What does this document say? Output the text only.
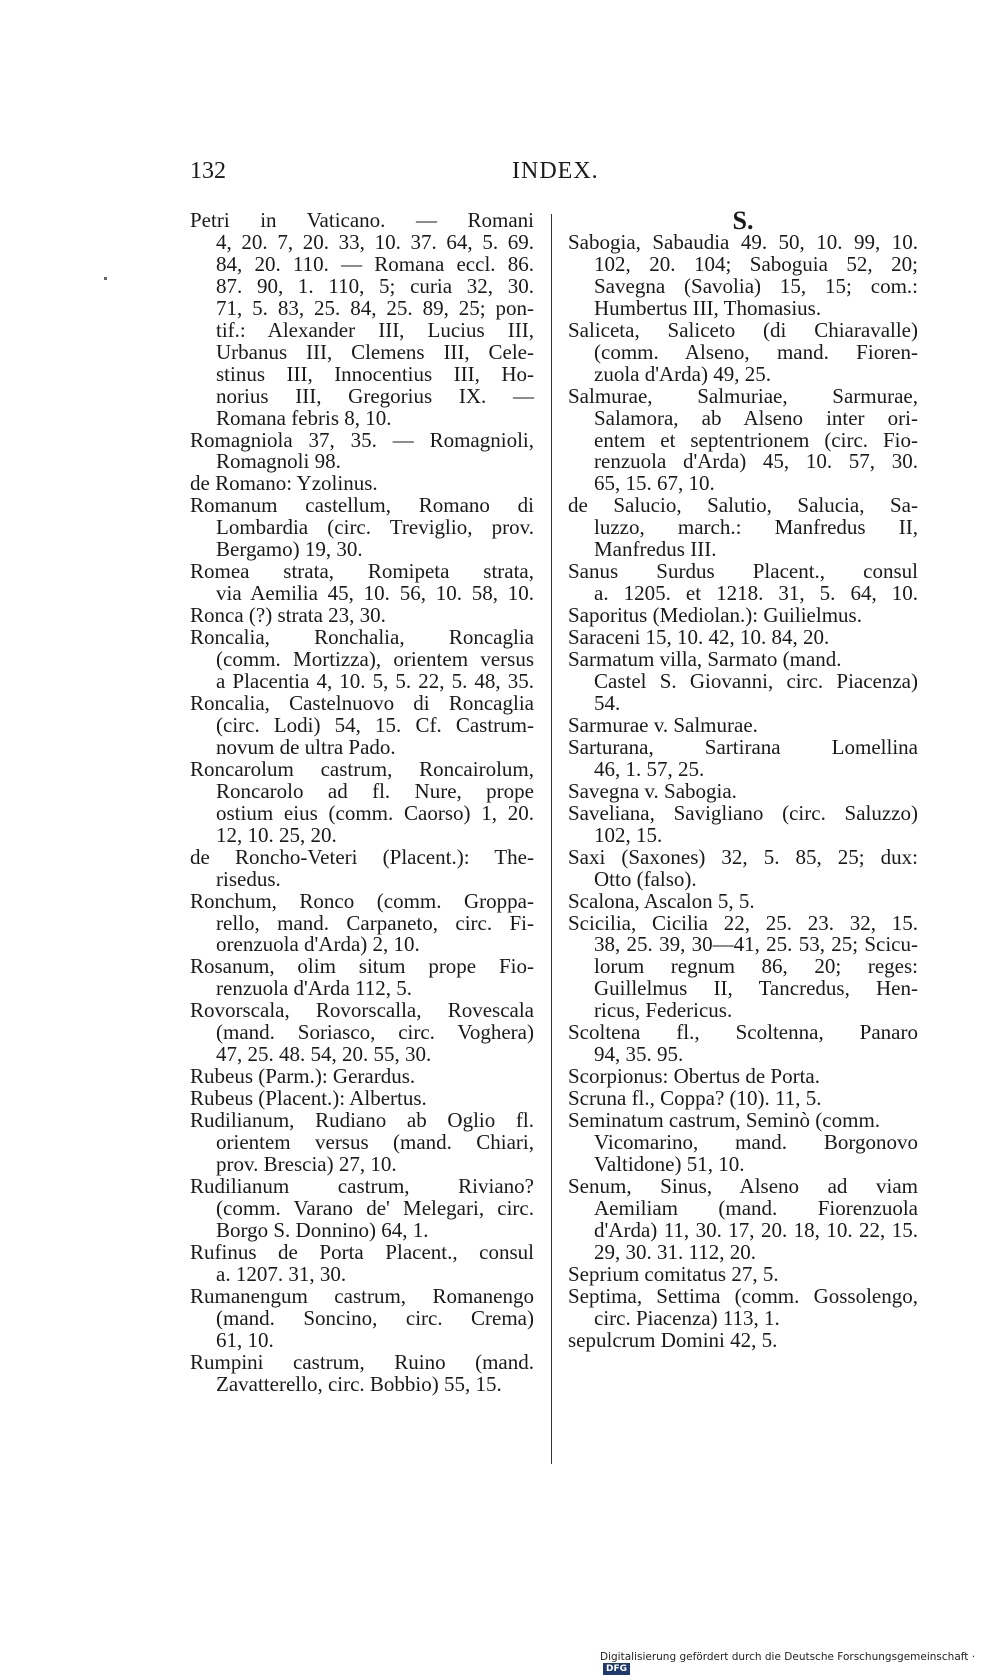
132	INDEX.
Petri in Vaticano. — Romani
4, 20. 7, 20. 33, 10. 37. 64, 5. 69.
84, 20. 110. — Romana eccl. 86.
87. 90, 1. 110, 5; curia 32, 30.
71, 5. 83, 25. 84, 25. 89, 25; pon-
tif.: Alexander III, Lucius III,
Urbanus III, Clemens III, Cele-
stinus III, Innocentius III, Ho-
norius III, Gregorius IX. —
Romana febris 8, 10.
Romagniola 37, 35. — Romagnioli,
Romagnoli 98.
de Romano: Yzolinus.
Romanum castellum, Romano di
Lombardia (circ. Treviglio, prov.
Bergamo) 19, 30.
Romea strata, Romipeta strata,
via Aemilia 45, 10. 56, 10. 58, 10.
Ronca (?) strata 23, 30.
Roncalia, Ronchalia, Roncaglia
(comm. Mortizza), orientem versus
a Placentia 4, 10. 5, 5. 22, 5. 48, 35.
Roncalia, Castelnuovo di Roncaglia
(circ. Lodi) 54, 15. Cf. Castrum-
novum de ultra Pado.
Roncarolum castrum, Roncairolum,
Roncarolo ad fl. Nure, prope
ostium eius (comm. Caorso) 1, 20.
12, 10. 25, 20.
de Roncho-Veteri (Placent.): The-
risedus.
Ronchum, Ronco (comm. Groppa-
rello, mand. Carpaneto, circ. Fi-
orenzuola d'Arda) 2, 10.
Rosanum, olim situm prope Fio-
renzuola d'Arda 112, 5.
Rovorscala, Rovorscalla, Rovescala
(mand. Soriasco, circ. Voghera)
47, 25. 48. 54, 20. 55, 30.
Rubeus (Parm.): Gerardus.
Rubeus (Placent.): Albertus.
Rudilianum, Rudiano ab Oglio fl.
orientem versus (mand. Chiari,
prov. Brescia) 27, 10.
Rudilianum castrum, Riviano?
(comm. Varano de' Melegari, circ.
Borgo S. Donnino) 64, 1.
Rufinus de Porta Placent., consul
a. 1207. 31, 30.
Rumanengum castrum, Romanengo
(mand. Soncino, circ. Crema)
61, 10.
Rumpini castrum, Ruino (mand.
Zavatterello, circ. Bobbio) 55, 15.
S.
Sabogia, Sabaudia 49. 50, 10. 99, 10.
102, 20. 104; Saboguia 52, 20;
Savegna (Savolia) 15, 15; com.:
Humbertus III, Thomasius.
Saliceta, Saliceto (di Chiaravalle)
(comm. Alseno, mand. Fioren-
zuola d'Arda) 49, 25.
Salmurae, Salmuriae, Sarmurae,
Salamora, ab Alseno inter ori-
entem et septentrionem (circ. Fio-
renzuola d'Arda) 45, 10. 57, 30.
65, 15. 67, 10.
de Salucio, Salutio, Salucia, Sa-
luzzo, march.: Manfredus II,
Manfredus III.
Sanus Surdus Placent., consul
a. 1205. et 1218. 31, 5. 64, 10.
Saporitus (Mediolan.): Guilielmus.
Saraceni 15, 10. 42, 10. 84, 20.
Sarmatum villa, Sarmato (mand.
Castel S. Giovanni, circ. Piacenza)
54.
Sarmurae v. Salmurae.
Sarturana, Sartirana Lomellina
46, 1. 57, 25.
Savegna v. Sabogia.
Saveliana, Savigliano (circ. Saluzzo)
102, 15.
Saxi (Saxones) 32, 5. 85, 25; dux:
Otto (falso).
Scalona, Ascalon 5, 5.
Scicilia, Cicilia 22, 25. 23. 32, 15.
38, 25. 39, 30—41, 25. 53, 25; Scicu-
lorum regnum 86, 20; reges:
Guillelmus II, Tancredus, Hen-
ricus, Federicus.
Scoltena fl., Scoltenna, Panaro
94, 35. 95.
Scorpionus: Obertus de Porta.
Scruna fl., Coppa? (10). 11, 5.
Seminatum castrum, Seminò (comm.
Vicomarino, mand. Borgonovo
Valtidone) 51, 10.
Senum, Sinus, Alseno ad viam
Aemiliam (mand. Fiorenzuola
d'Arda) 11, 30. 17, 20. 18, 10. 22, 15.
29, 30. 31. 112, 20.
Seprium comitatus 27, 5.
Septima, Settima (comm. Gossolengo,
circ. Piacenza) 113, 1.
sepulcrum Domini 42, 5.
Digitalisierung gefördert durch die Deutsche Forschungsgemeinschaft ·DFG
